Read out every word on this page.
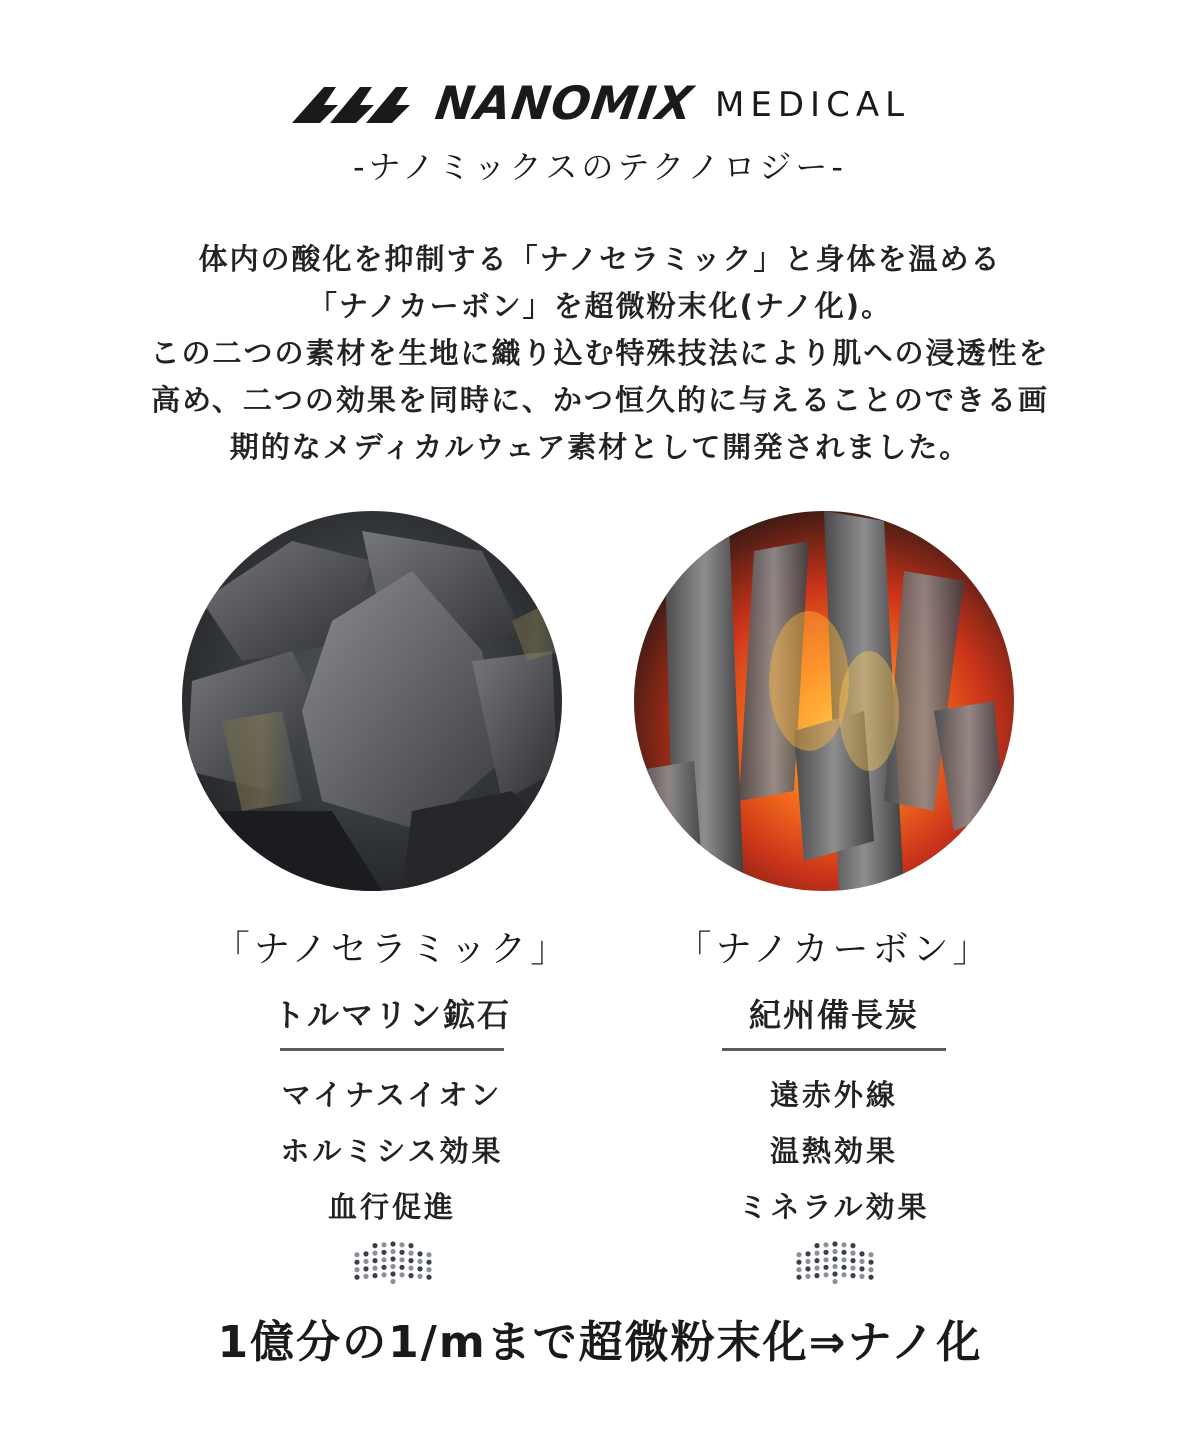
NANOMIX MEDICAL
-ナノミックスのテクノロジー-
体内の酸化を抑制する「ナノセラミック」と身体を温める
「ナノカーボン」を超微粉末化(ナノ化)。
この二つの素材を生地に織り込む特殊技法により肌への浸透性を
高め、二つの効果を同時に、かつ恒久的に与えることのできる画
期的なメディカルウェア素材として開発されました。
「ナノセラミック」
トルマリン鉱石
マイナスイオン
ホルミシス効果
血行促進
「ナノカーボン」
紀州備長炭
遠赤外線
温熱効果
ミネラル効果
1億分の1/mまで超微粉末化⇒ナノ化
